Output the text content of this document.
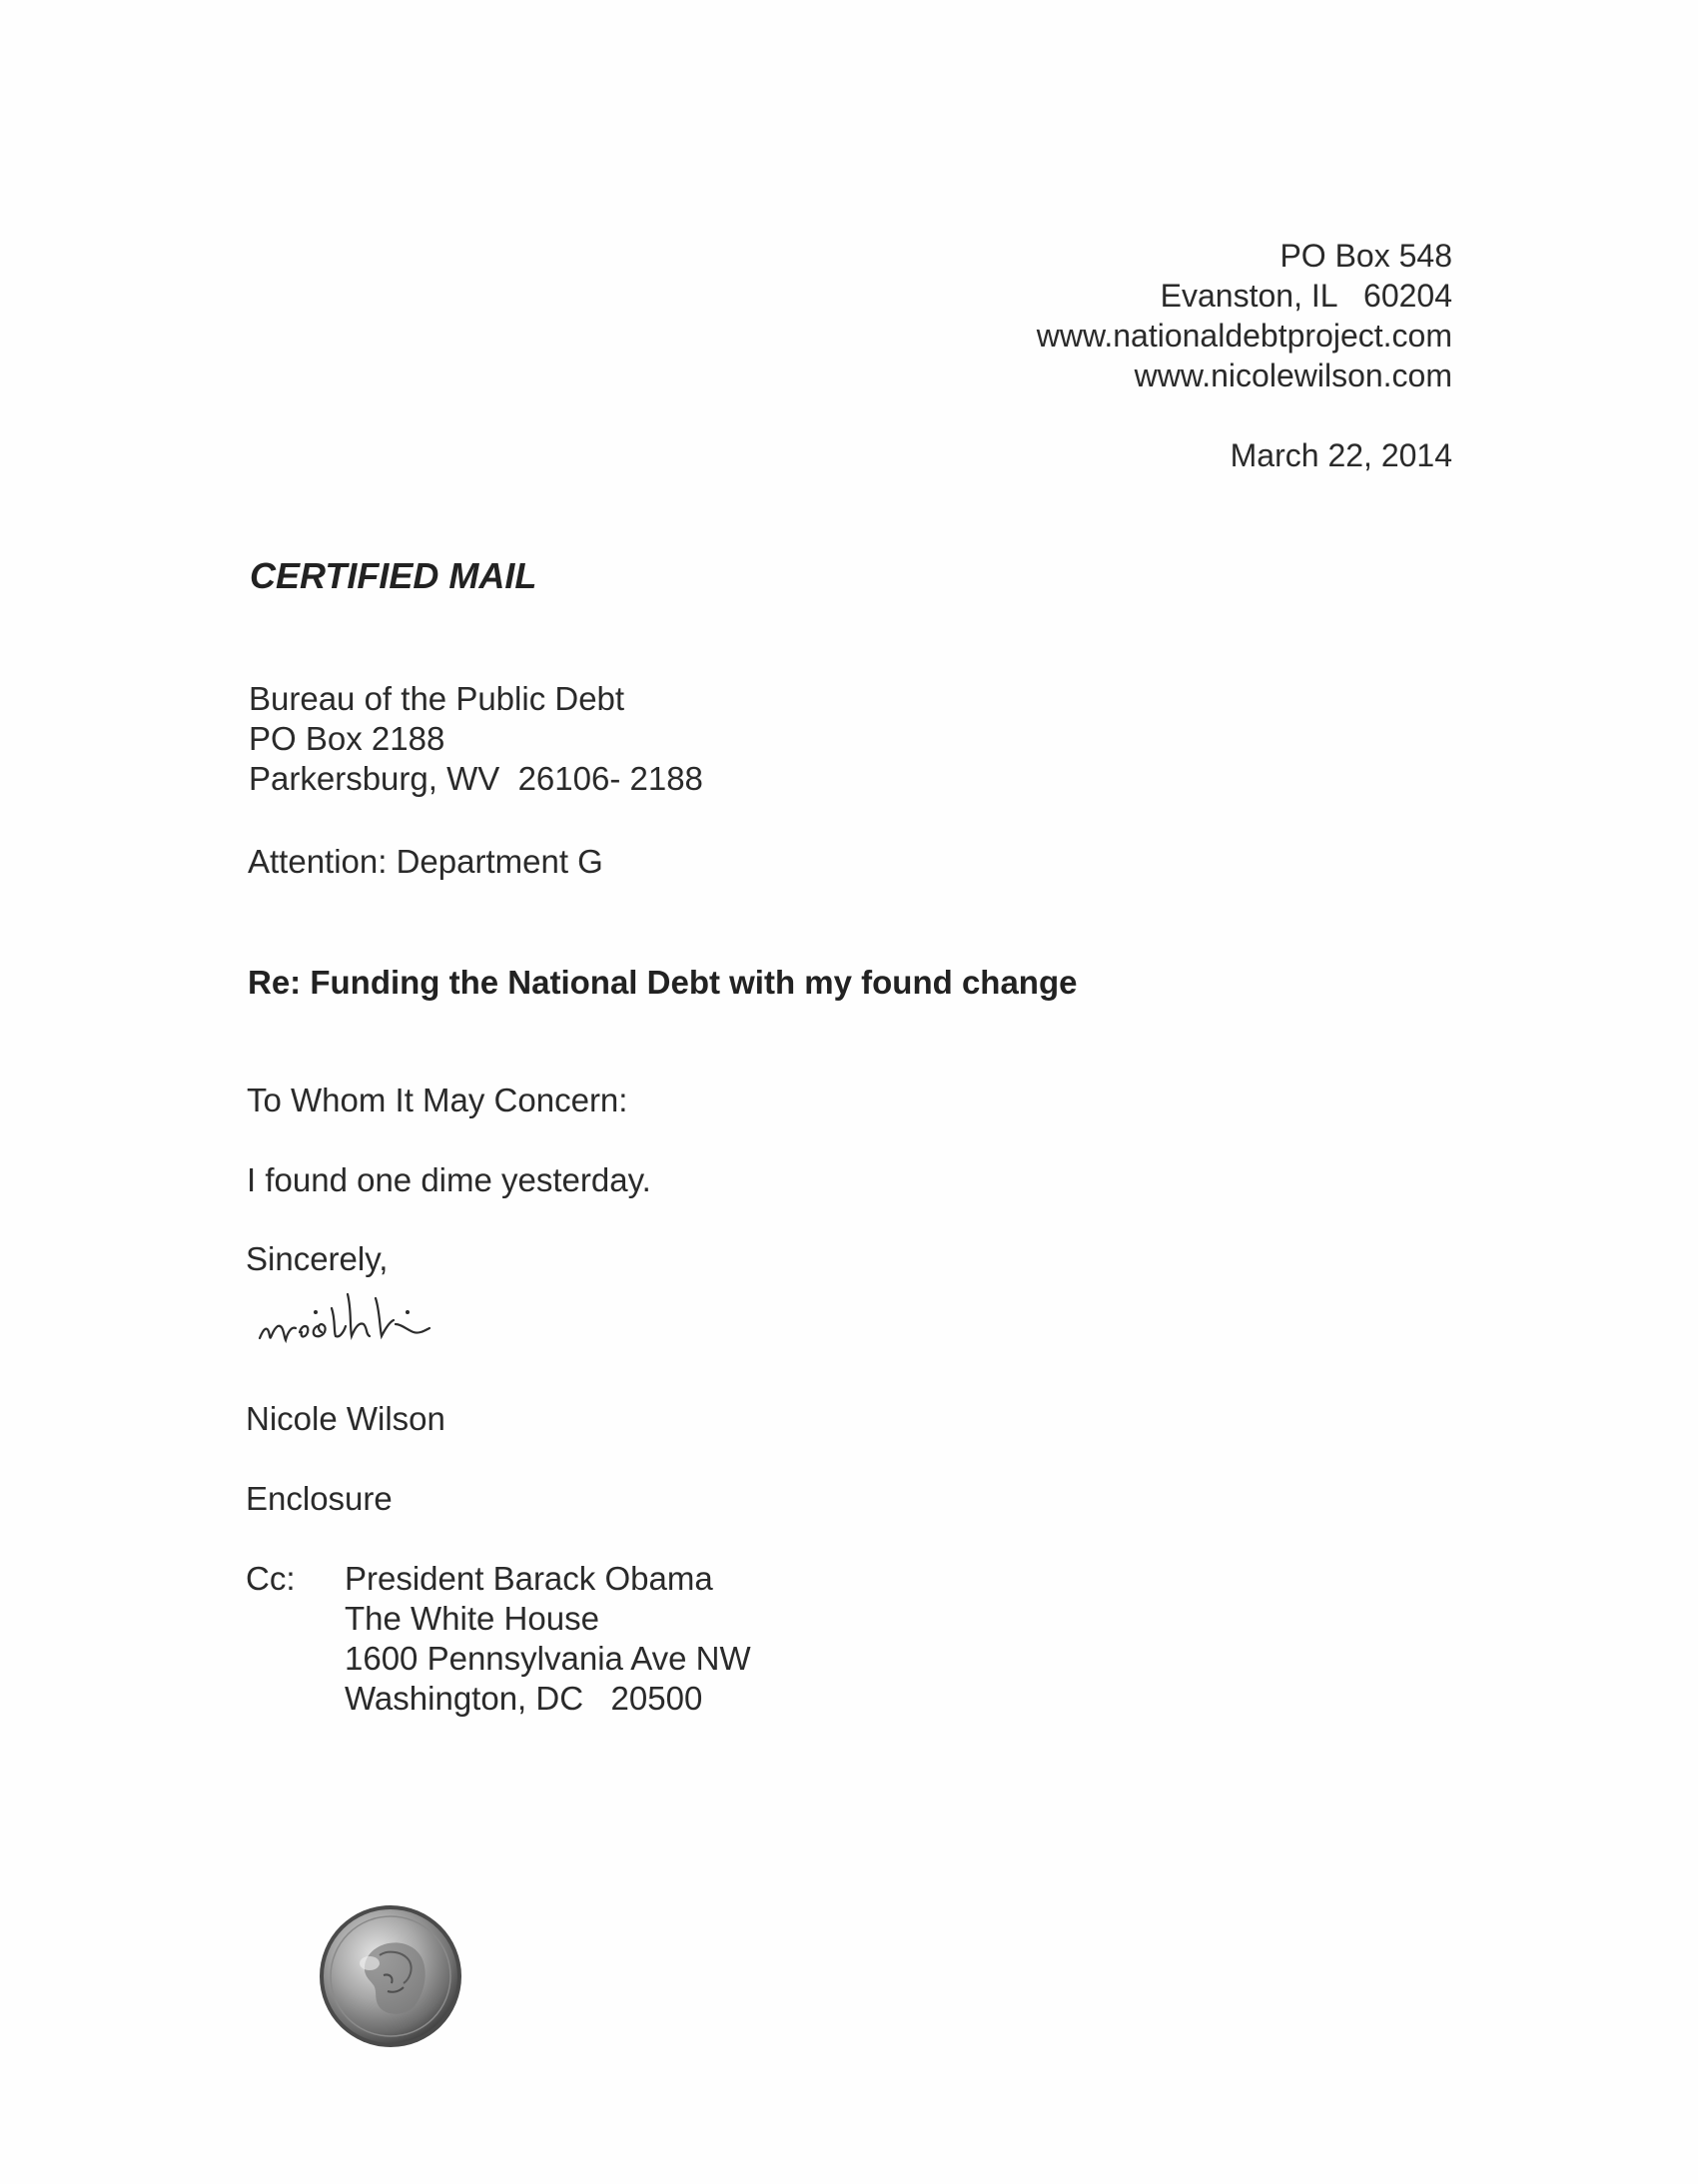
PO Box 548
Evanston, IL   60204
www.nationaldebtproject.com
www.nicolewilson.com
March 22, 2014
CERTIFIED MAIL
Bureau of the Public Debt
PO Box 2188
Parkersburg, WV  26106- 2188
Attention: Department G
Re: Funding the National Debt with my found change
To Whom It May Concern:
I found one dime yesterday.
Sincerely,
Nicole Wilson
Enclosure
Cc: President Barack Obama
The White House
1600 Pennsylvania Ave NW
Washington, DC   20500
